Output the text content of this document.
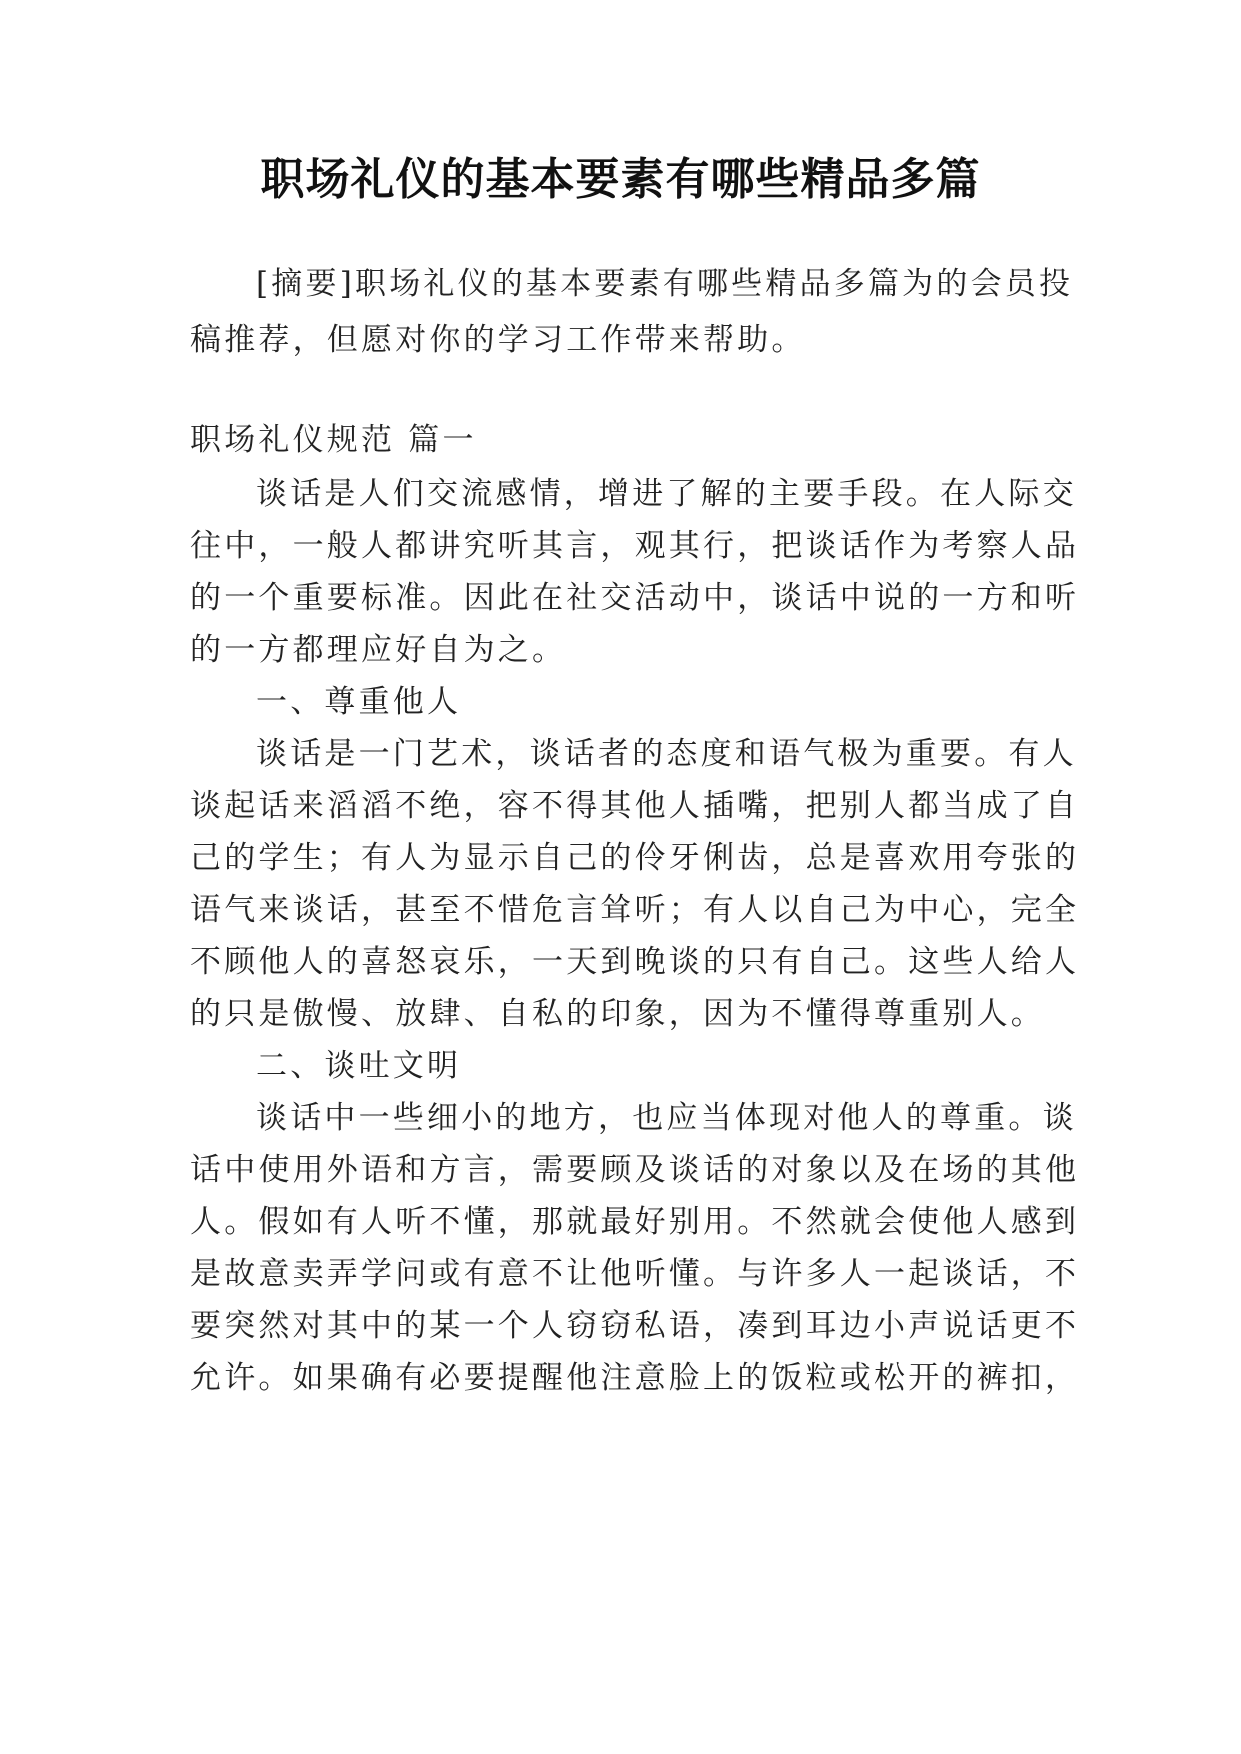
职场礼仪的基本要素有哪些精品多篇
[摘要]职场礼仪的基本要素有哪些精品多篇为的会员投
稿推荐，但愿对你的学习工作带来帮助。
职场礼仪规范 篇一
谈话是人们交流感情，增进了解的主要手段。在人际交
往中，一般人都讲究听其言，观其行，把谈话作为考察人品
的一个重要标准。因此在社交活动中，谈话中说的一方和听
的一方都理应好自为之。
一、尊重他人
谈话是一门艺术，谈话者的态度和语气极为重要。有人
谈起话来滔滔不绝，容不得其他人插嘴，把别人都当成了自
己的学生；有人为显示自己的伶牙俐齿，总是喜欢用夸张的
语气来谈话，甚至不惜危言耸听；有人以自己为中心，完全
不顾他人的喜怒哀乐，一天到晚谈的只有自己。这些人给人
的只是傲慢、放肆、自私的印象，因为不懂得尊重别人。
二、谈吐文明
谈话中一些细小的地方，也应当体现对他人的尊重。谈
话中使用外语和方言，需要顾及谈话的对象以及在场的其他
人。假如有人听不懂，那就最好别用。不然就会使他人感到
是故意卖弄学问或有意不让他听懂。与许多人一起谈话，不
要突然对其中的某一个人窃窃私语，凑到耳边小声说话更不
允许。如果确有必要提醒他注意脸上的饭粒或松开的裤扣，
